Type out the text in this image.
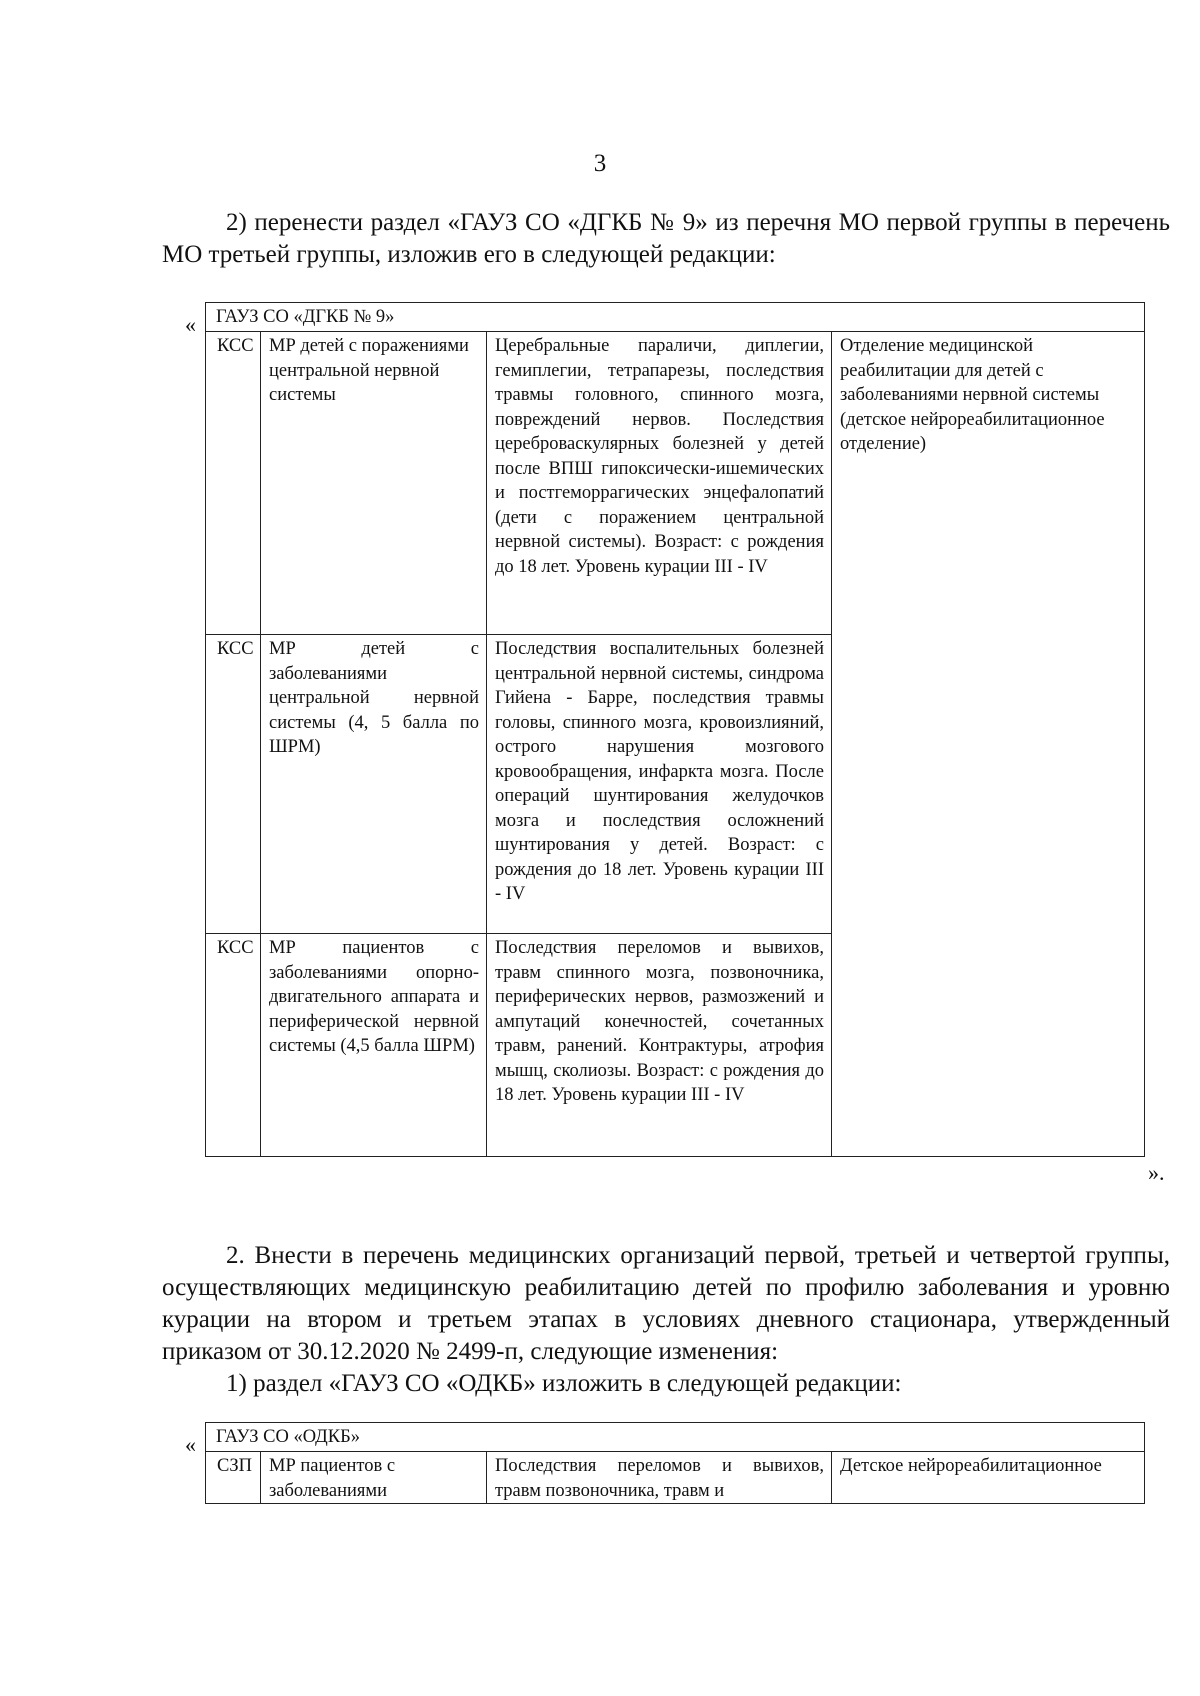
3

2) перенести раздел «ГАУЗ СО «ДГКБ № 9» из перечня МО первой группы в перечень МО третьей группы, изложив его в следующей редакции:

« ГАУЗ СО «ДГКБ № 9»			
КСС	МР детей с поражениями центральной нервной системы	Церебральные параличи, диплегии, гемиплегии, тетрапарезы, последствия травмы головного, спинного мозга, повреждений нервов. Последствия цереброваскулярных болезней у детей после ВПШ гипоксически-ишемических и постгеморрагических энцефалопатий (дети с поражением центральной нервной системы). Возраст: с рождения до 18 лет. Уровень курации III - IV	Отделение медицинской реабилитации для детей с заболеваниями нервной системы (детское нейрореабилитационное отделение)
КСС	МР детей с заболеваниями центральной нервной системы (4, 5 балла по ШРМ)	Последствия воспалительных болезней центральной нервной системы, синдрома Гийена - Барре, последствия травмы головы, спинного мозга, кровоизлияний, острого нарушения мозгового кровообращения, инфаркта мозга. После операций шунтирования желудочков мозга и последствия осложнений шунтирования у детей. Возраст: с рождения до 18 лет. Уровень курации III - IV	
КСС	МР пациентов с заболеваниями опорно-двигательного аппарата и периферической нервной системы (4,5 балла ШРМ)	Последствия переломов и вывихов, травм спинного мозга, позвоночника, периферических нервов, размозжений и ампутаций конечностей, сочетанных травм, ранений. Контрактуры, атрофия мышц, сколиозы. Возраст: с рождения до 18 лет. Уровень курации III - IV	
».

2. Внести в перечень медицинских организаций первой, третьей и четвертой группы, осуществляющих медицинскую реабилитацию детей по профилю заболевания и уровню курации на втором и третьем этапах в условиях дневного стационара, утвержденный приказом от 30.12.2020 № 2499-п, следующие изменения:

1) раздел «ГАУЗ СО «ОДКБ» изложить в следующей редакции:

« ГАУЗ СО «ОДКБ»
СЗП	МР пациентов с заболеваниями	Последствия переломов и вывихов, травм позвоночника, травм и	Детское нейрореабилитационное
